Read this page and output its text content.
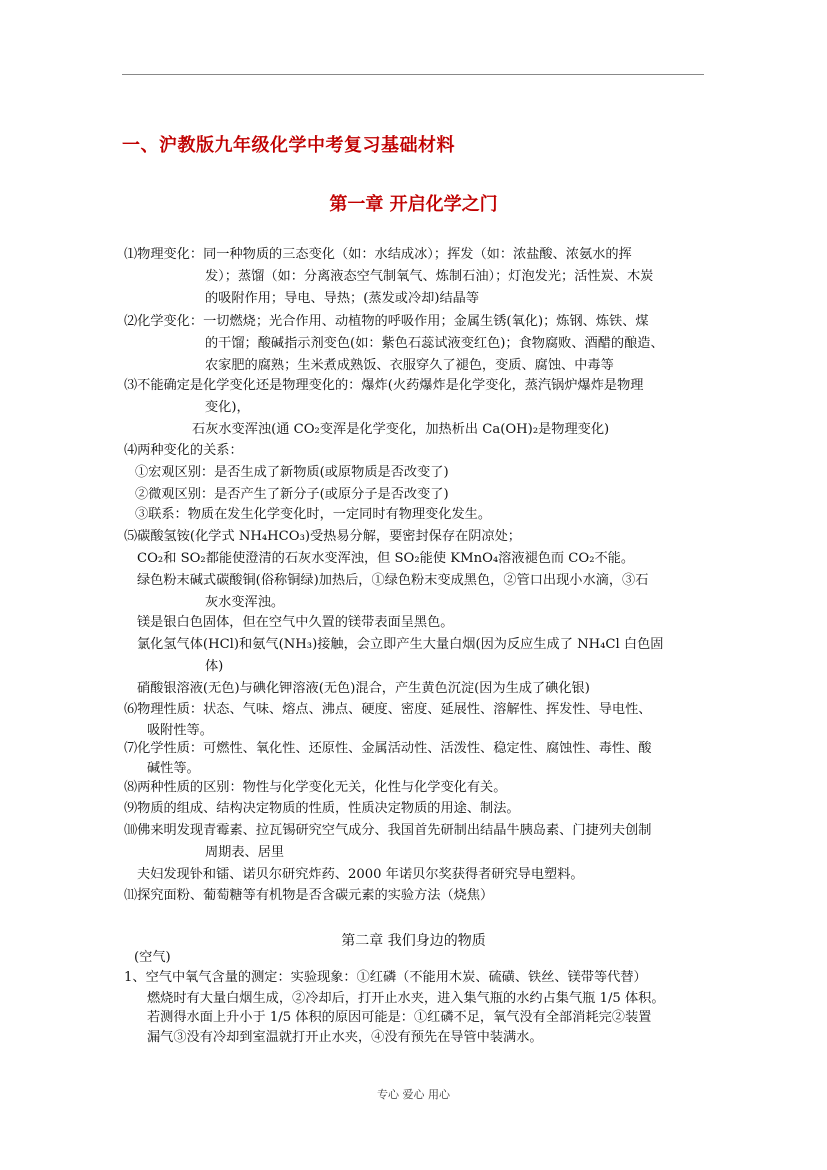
一、沪教版九年级化学中考复习基础材料
第一章 开启化学之门
⑴物理变化：同一种物质的三态变化（如：水结成冰）；挥发（如：浓盐酸、浓氨水的挥
发）；蒸馏（如：分离液态空气制氧气、炼制石油）；灯泡发光；活性炭、木炭
的吸附作用；导电、导热；(蒸发或冷却)结晶等
⑵化学变化：一切燃烧；光合作用、动植物的呼吸作用；金属生锈(氧化)；炼钢、炼铁、煤
的干馏；酸碱指示剂变色(如：紫色石蕊试液变红色)；食物腐败、酒醋的酿造、
农家肥的腐熟；生米煮成熟饭、衣服穿久了褪色，变质、腐蚀、中毒等
⑶不能确定是化学变化还是物理变化的：爆炸(火药爆炸是化学变化，蒸汽锅炉爆炸是物理
变化)，
石灰水变浑浊(通 CO₂变浑是化学变化，加热析出 Ca(OH)₂是物理变化)
⑷两种变化的关系：
①宏观区别：是否生成了新物质(或原物质是否改变了)
②微观区别：是否产生了新分子(或原分子是否改变了)
③联系：物质在发生化学变化时，一定同时有物理变化发生。
⑸碳酸氢铵(化学式 NH₄HCO₃)受热易分解，要密封保存在阴凉处；
CO₂和 SO₂都能使澄清的石灰水变浑浊，但 SO₂能使 KMnO₄溶液褪色而 CO₂不能。
绿色粉末碱式碳酸铜(俗称铜绿)加热后，①绿色粉末变成黑色，②管口出现小水滴，③石
灰水变浑浊。
镁是银白色固体，但在空气中久置的镁带表面呈黑色。
氯化氢气体(HCl)和氨气(NH₃)接触，会立即产生大量白烟(因为反应生成了 NH₄Cl 白色固
体)
硝酸银溶液(无色)与碘化钾溶液(无色)混合，产生黄色沉淀(因为生成了碘化银)
⑹物理性质：状态、气味、熔点、沸点、硬度、密度、延展性、溶解性、挥发性、导电性、
吸附性等。
⑺化学性质：可燃性、氧化性、还原性、金属活动性、活泼性、稳定性、腐蚀性、毒性、酸
碱性等。
⑻两种性质的区别：物性与化学变化无关，化性与化学变化有关。
⑼物质的组成、结构决定物质的性质，性质决定物质的用途、制法。
⑽佛来明发现青霉素、拉瓦锡研究空气成分、我国首先研制出结晶牛胰岛素、门捷列夫创制
周期表、居里
夫妇发现钋和镭、诺贝尔研究炸药、2000 年诺贝尔奖获得者研究导电塑料。
⑾探究面粉、葡萄糖等有机物是否含碳元素的实验方法（烧焦）
第二章 我们身边的物质
(空气)
1、空气中氧气含量的测定：实验现象：①红磷（不能用木炭、硫磺、铁丝、镁带等代替）
燃烧时有大量白烟生成，②冷却后，打开止水夹，进入集气瓶的水约占集气瓶 1/5 体积。
若测得水面上升小于 1/5 体积的原因可能是：①红磷不足，氧气没有全部消耗完②装置
漏气③没有冷却到室温就打开止水夹，④没有预先在导管中装满水。
专心 爱心 用心
